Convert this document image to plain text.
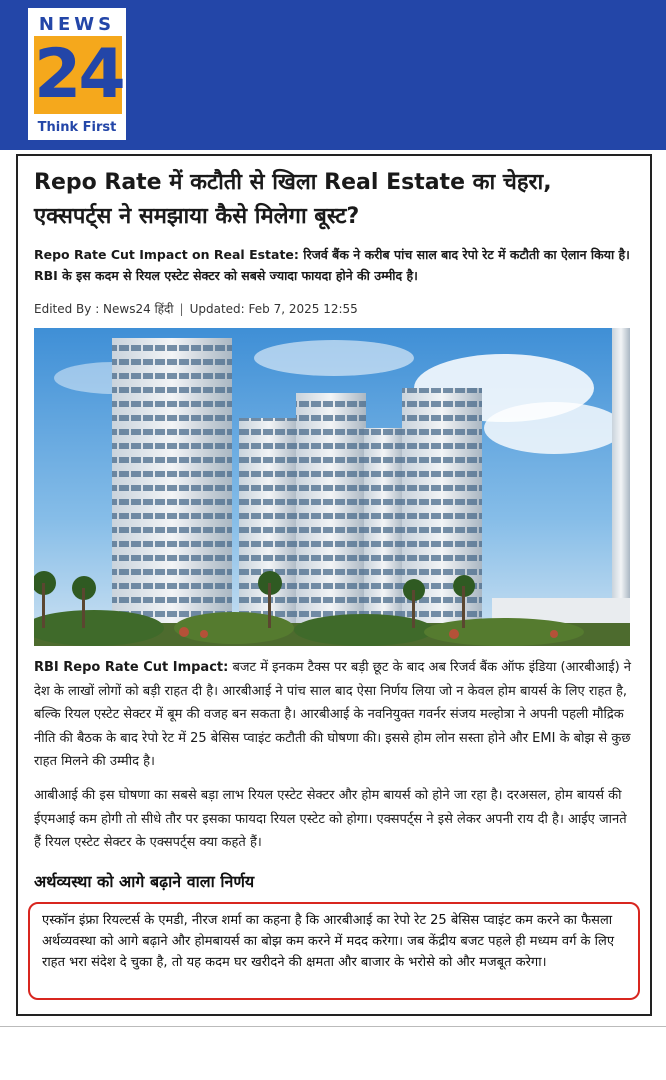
NEWS
24
Think First
Repo Rate में कटौती से खिला Real Estate का चेहरा, एक्सपर्ट्स ने समझाया कैसे मिलेगा बूस्ट?
Repo Rate Cut Impact on Real Estate: रिजर्व बैंक ने करीब पांच साल बाद रेपो रेट में कटौती का ऐलान किया है। RBI के इस कदम से रियल एस्टेट सेक्टर को सबसे ज्यादा फायदा होने की उम्मीद है।
Edited By : News24 हिंदी | Updated: Feb 7, 2025 12:55
RBI Repo Rate Cut Impact: बजट में इनकम टैक्स पर बड़ी छूट के बाद अब रिजर्व बैंक ऑफ इंडिया (आरबीआई) ने देश के लाखों लोगों को बड़ी राहत दी है। आरबीआई ने पांच साल बाद ऐसा निर्णय लिया जो न केवल होम बायर्स के लिए राहत है, बल्कि रियल एस्टेट सेक्टर में बूम की वजह बन सकता है। आरबीआई के नवनियुक्त गवर्नर संजय मल्होत्रा ने अपनी पहली मौद्रिक नीति की बैठक के बाद रेपो रेट में 25 बेसिस प्वाइंट कटौती की घोषणा की। इससे होम लोन सस्ता होने और EMI के बोझ से कुछ राहत मिलने की उम्मीद है।
आबीआई की इस घोषणा का सबसे बड़ा लाभ रियल एस्टेट सेक्टर और होम बायर्स को होने जा रहा है। दरअसल, होम बायर्स की ईएमआई कम होगी तो सीधे तौर पर इसका फायदा रियल एस्टेट को होगा। एक्सपर्ट्स ने इसे लेकर अपनी राय दी है। आईए जानते हैं रियल एस्टेट सेक्टर के एक्सपर्ट्स क्या कहते हैं।
अर्थव्यस्था को आगे बढ़ाने वाला निर्णय
एस्कॉन इंफ्रा रियल्टर्स के एमडी, नीरज शर्मा का कहना है कि आरबीआई का रेपो रेट 25 बेसिस प्वाइंट कम करने का फैसला अर्थव्यवस्था को आगे बढ़ाने और होमबायर्स का बोझ कम करने में मदद करेगा। जब केंद्रीय बजट पहले ही मध्यम वर्ग के लिए राहत भरा संदेश दे चुका है, तो यह कदम घर खरीदने की क्षमता और बाजार के भरोसे को और मजबूत करेगा।
